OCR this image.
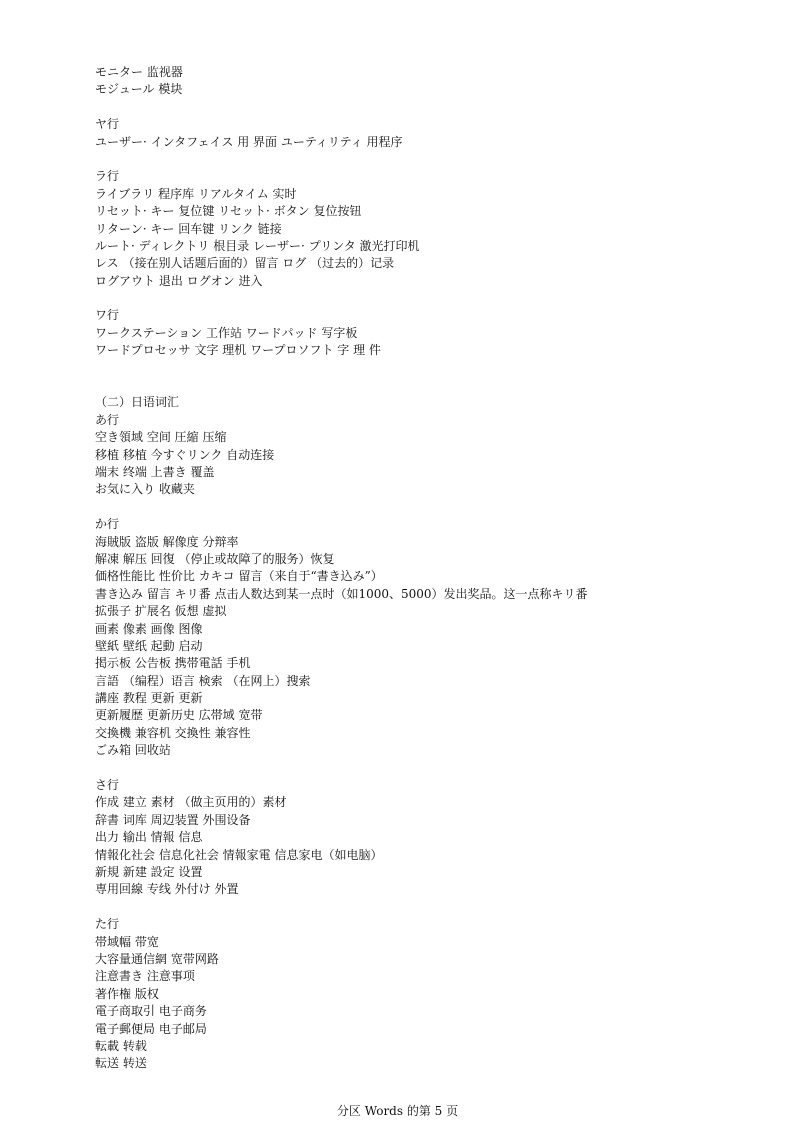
モニター 监视器
モジュール 模块
ヤ行
ユーザー· インタフェイス 用 界面 ユーティリティ 用程序
ラ行
ライブラリ 程序库 リアルタイム 实时
リセット· キー 复位键 リセット· ボタン 复位按钮
リターン· キー 回车键 リンク 链接
ルート· ディレクトリ 根目录 レーザー· プリンタ 激光打印机
レス （接在别人话题后面的）留言 ログ （过去的）记录
ログアウト 退出 ログオン 进入
ワ行
ワークステーション 工作站 ワードパッド 写字板
ワードプロセッサ 文字 理机 ワープロソフト 字 理 件
（二）日语词汇
あ行
空き領域 空间 圧縮 压缩
移植 移植 今すぐリンク 自动连接
端末 终端 上書き 覆盖
お気に入り 收藏夹
か行
海賊版 盗版 解像度 分辩率
解凍 解压 回復 （停止或故障了的服务）恢复
価格性能比 性价比 カキコ 留言（来自于“書き込み”）
書き込み 留言 キリ番 点击人数达到某一点时（如1000、5000）发出奖品。这一点称キリ番
拡張子 扩展名 仮想 虚拟
画素 像素 画像 图像
壁紙 壁纸 起動 启动
掲示板 公告板 携帯電話 手机
言語 （编程）语言 検索 （在网上）搜索
講座 教程 更新 更新
更新履歴 更新历史 広帯域 宽带
交換機 兼容机 交換性 兼容性
ごみ箱 回收站
さ行
作成 建立 素材 （做主页用的）素材
辞書 词库 周辺装置 外围设备
出力 输出 情報 信息
情報化社会 信息化社会 情報家電 信息家电（如电脑）
新規 新建 設定 设置
専用回線 专线 外付け 外置
た行
帯域幅 带宽
大容量通信網 宽带网路
注意書き 注意事项
著作権 版权
電子商取引 电子商务
電子郵便局 电子邮局
転載 转载
転送 转送
分区 Words 的第 5 页
